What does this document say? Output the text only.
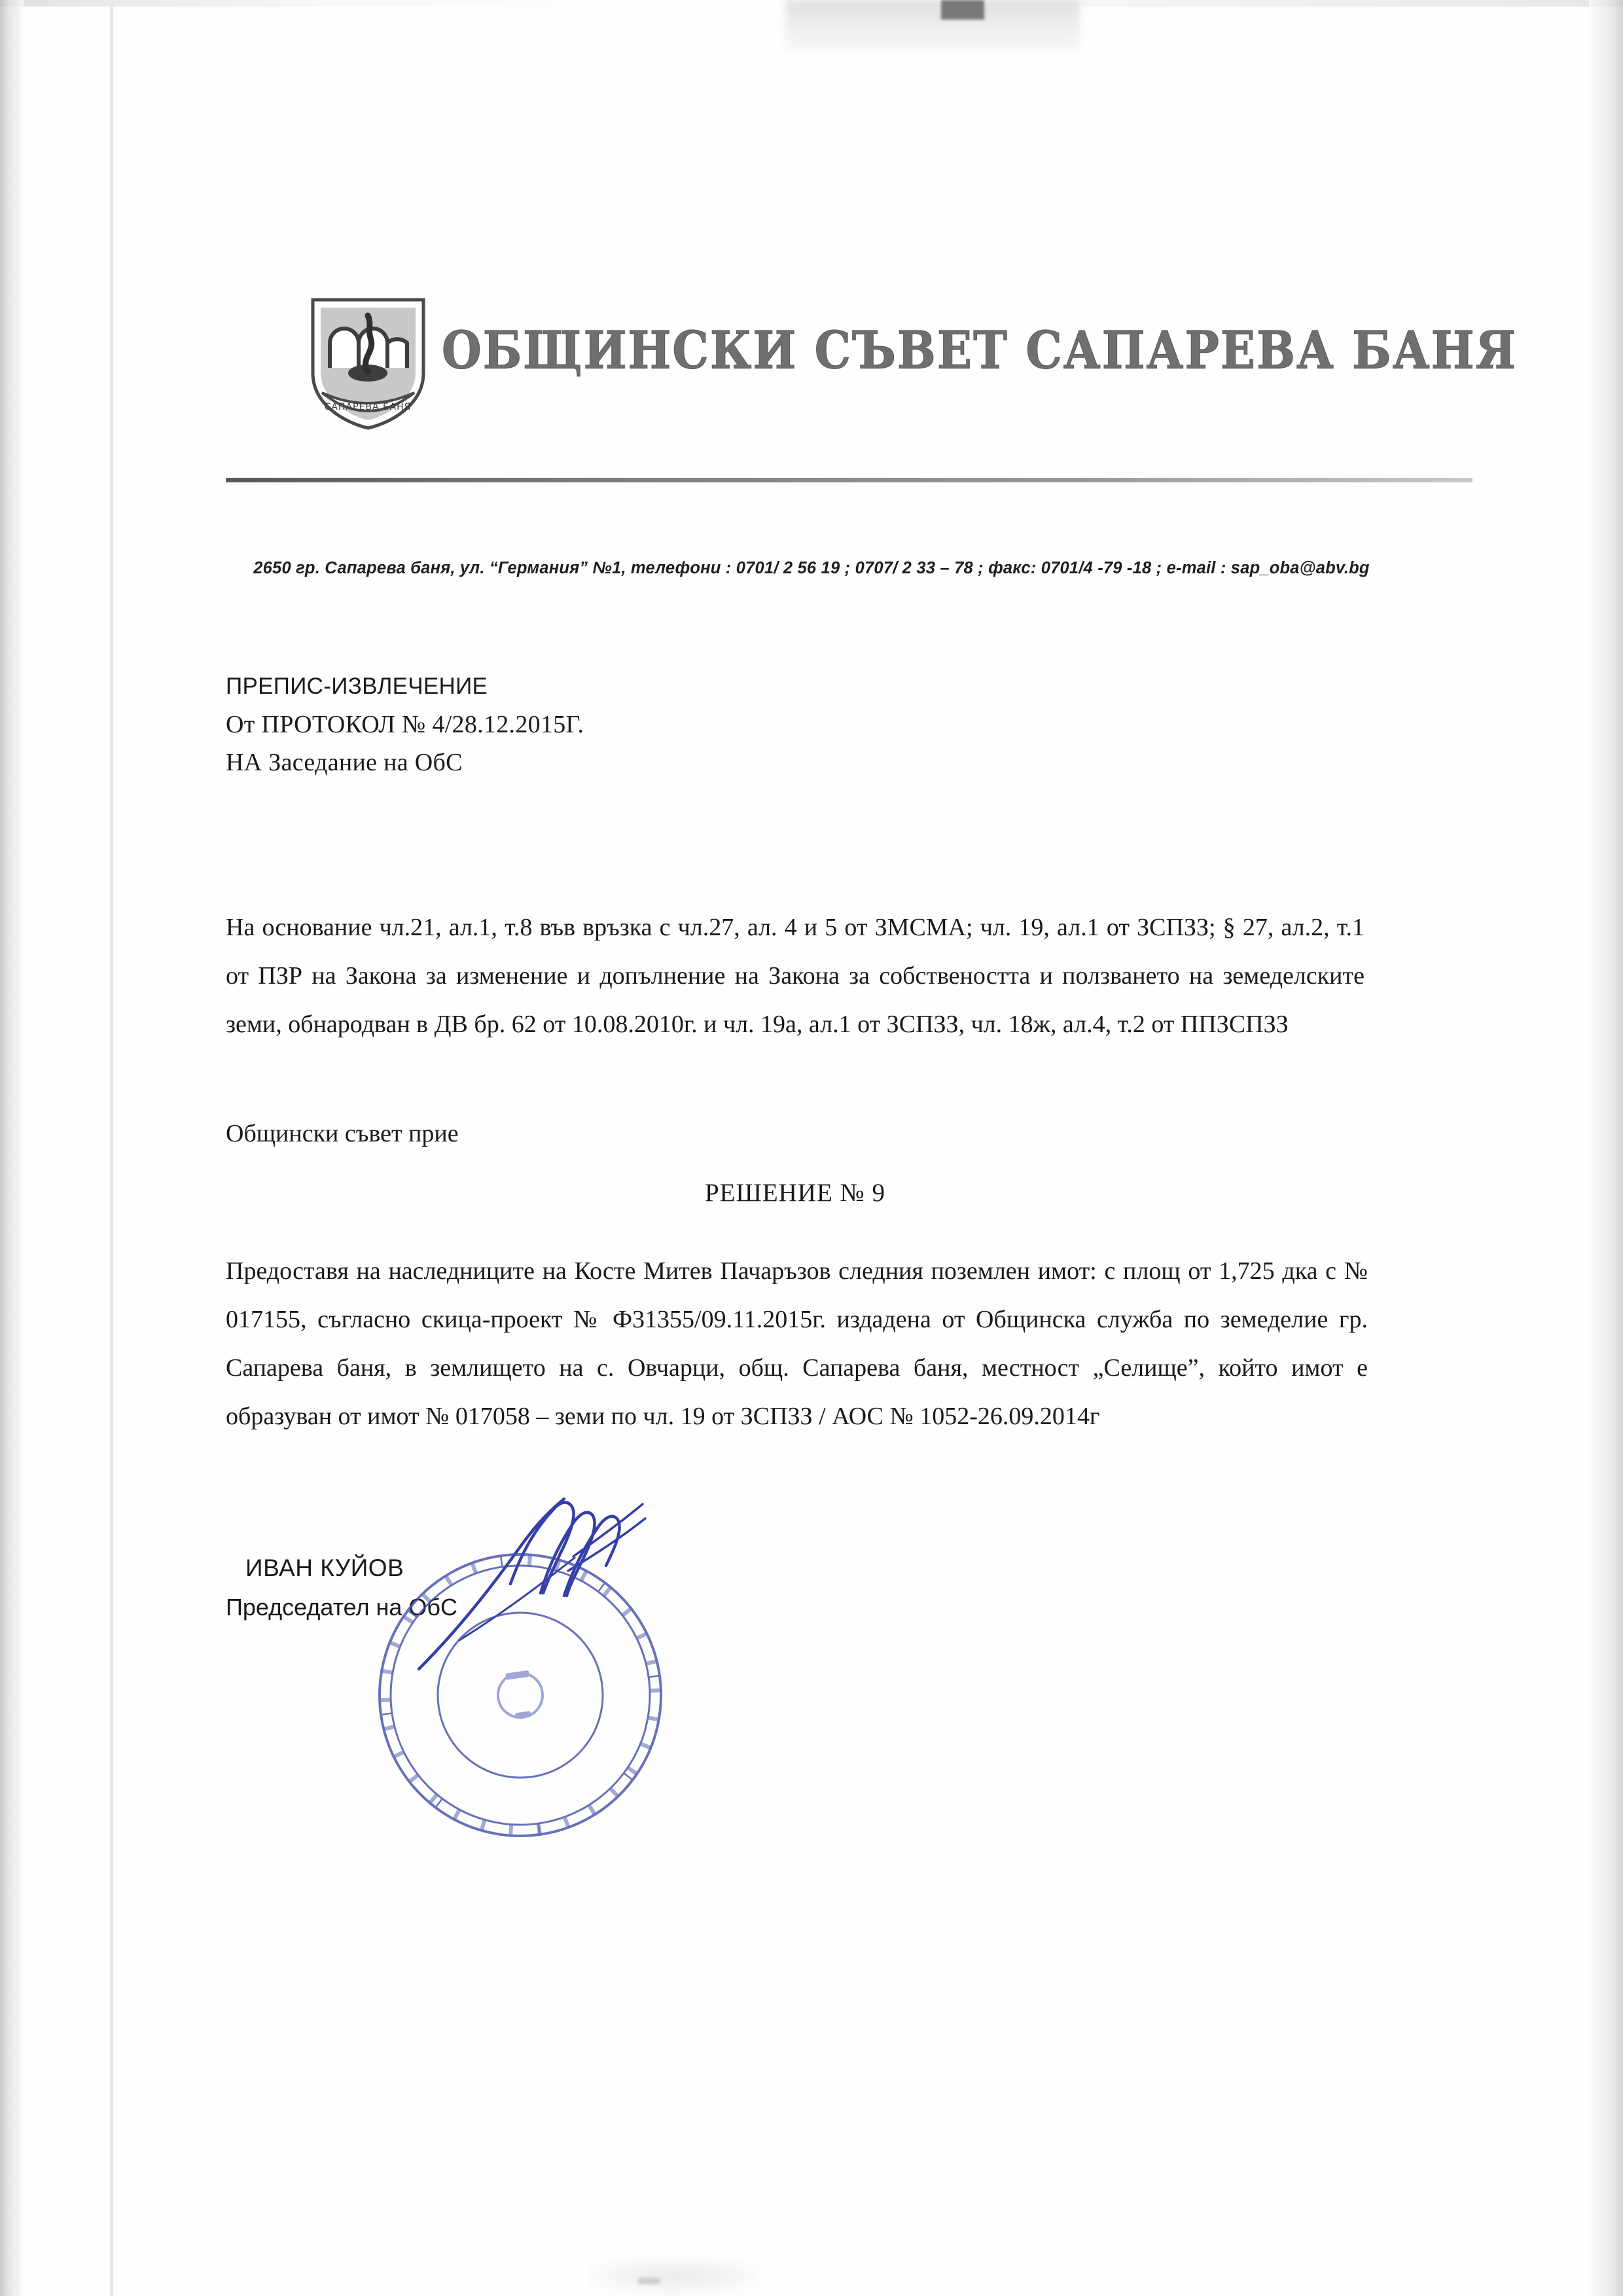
САПАРЕВА БАНЯ
ОБЩИНСКИ СЪВЕТ САПАРЕВА БАНЯ
2650 гр. Сапарева баня, ул. “Германия” №1, телефони : 0701/ 2 56 19 ; 0707/ 2 33 – 78 ; факс: 0701/4 -79 -18 ; e-mail : sap_oba@abv.bg
ПРЕПИС-ИЗВЛЕЧЕНИЕ
От ПРОТОКОЛ № 4/28.12.2015Г.
НА Заседание на ОбС
На основание чл.21, ал.1, т.8 във връзка с чл.27, ал. 4 и 5 от ЗМСМА; чл. 19, ал.1 от ЗСПЗЗ; § 27, ал.2, т.1 от ПЗР на Закона за изменение и допълнение на Закона за собствеността и ползването на земеделските земи, обнародван в ДВ бр. 62 от 10.08.2010г. и чл. 19а, ал.1 от ЗСПЗЗ, чл. 18ж, ал.4, т.2 от ППЗСПЗЗ
Общински съвет прие
РЕШЕНИЕ № 9

Предоставя на наследниците на Косте Митев Пачаръзов следния поземлен имот: с площ от 1,725 дка с № 017155, съгласно скица-проект № Ф31355/09.11.2015г. издадена от Общинска служба по земеделие гр. Сапарева баня, в землището на с. Овчарци, общ. Сапарева баня, местност „Селище”, който имот е образуван от имот № 017058 – земи по чл. 19 от ЗСПЗЗ / АОС № 1052-26.09.2014г

ИВАН КУЙОВ
Председател на ОбС
